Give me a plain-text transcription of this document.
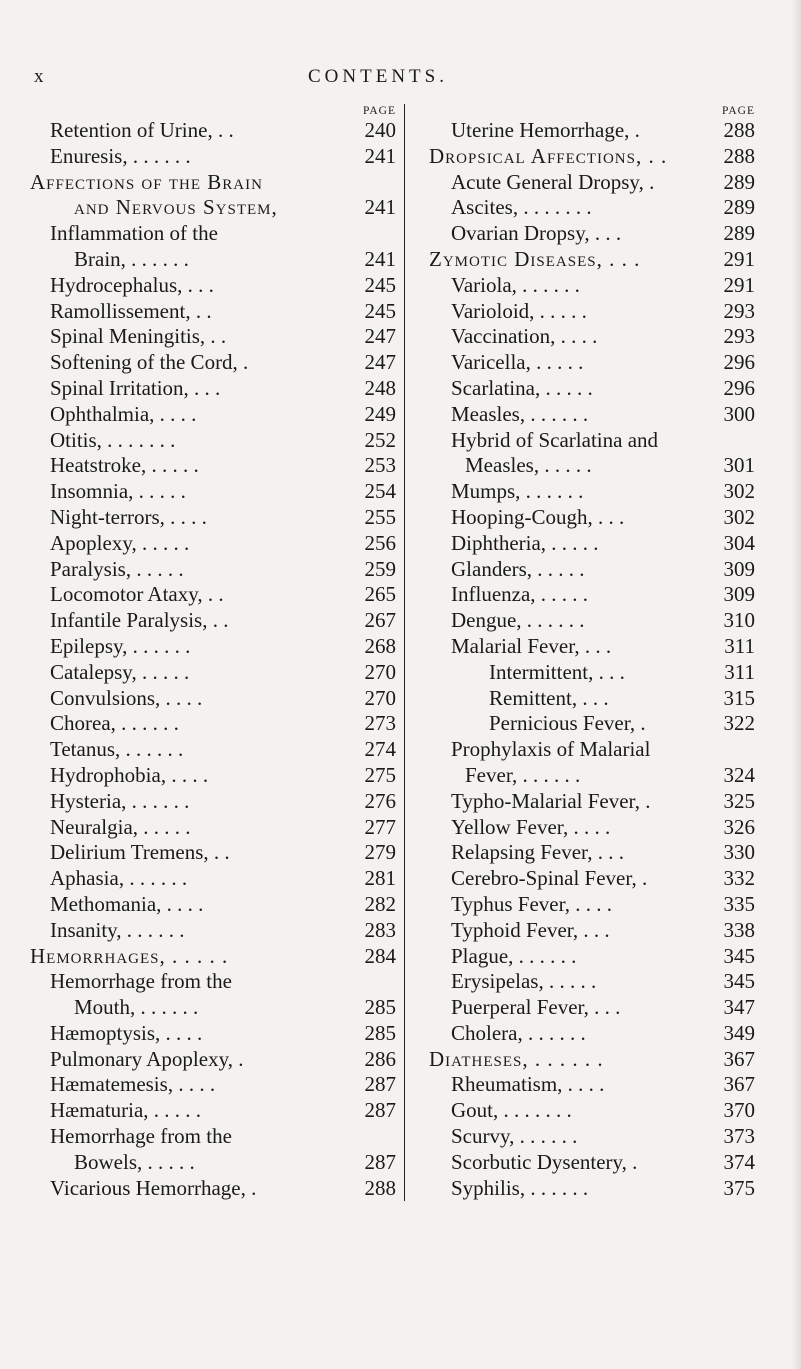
x	CONTENTS.
PAGE
Retention of Urine, . .	240
Enuresis, . . . . . .	241
Affections of the Brain
and Nervous System,	241
Inflammation of the
Brain, . . . . . .	241
Hydrocephalus, . . .	245
Ramollissement, . .	245
Spinal Meningitis, . .	247
Softening of the Cord, .	247
Spinal Irritation, . . .	248
Ophthalmia, . . . .	249
Otitis, . . . . . . .	252
Heatstroke, . . . . .	253
Insomnia, . . . . .	254
Night-terrors, . . . .	255
Apoplexy, . . . . .	256
Paralysis, . . . . .	259
Locomotor Ataxy, . .	265
Infantile Paralysis, . .	267
Epilepsy, . . . . . .	268
Catalepsy, . . . . .	270
Convulsions, . . . .	270
Chorea, . . . . . .	273
Tetanus, . . . . . .	274
Hydrophobia, . . . .	275
Hysteria, . . . . . .	276
Neuralgia, . . . . .	277
Delirium Tremens, . .	279
Aphasia, . . . . . .	281
Methomania, . . . .	282
Insanity, . . . . . .	283
Hemorrhages, . . . . .	284
Hemorrhage from the
Mouth, . . . . . .	285
Hæmoptysis, . . . .	285
Pulmonary Apoplexy, .	286
Hæmatemesis, . . . .	287
Hæmaturia, . . . . .	287
Hemorrhage from the
Bowels, . . . . .	287
Vicarious Hemorrhage, .	288
PAGE
Uterine Hemorrhage, .	288
Dropsical Affections, . .	288
Acute General Dropsy, .	289
Ascites, . . . . . . .	289
Ovarian Dropsy, . . .	289
Zymotic Diseases, . . .	291
Variola, . . . . . .	291
Varioloid, . . . . .	293
Vaccination, . . . .	293
Varicella, . . . . .	296
Scarlatina, . . . . .	296
Measles, . . . . . .	300
Hybrid of Scarlatina and
Measles, . . . . .	301
Mumps, . . . . . .	302
Hooping-Cough, . . .	302
Diphtheria, . . . . .	304
Glanders, . . . . .	309
Influenza, . . . . .	309
Dengue, . . . . . .	310
Malarial Fever, . . .	311
Intermittent, . . .	311
Remittent, . . .	315
Pernicious Fever, .	322
Prophylaxis of Malarial
Fever, . . . . . .	324
Typho-Malarial Fever, .	325
Yellow Fever, . . . .	326
Relapsing Fever, . . .	330
Cerebro-Spinal Fever, .	332
Typhus Fever, . . . .	335
Typhoid Fever, . . .	338
Plague, . . . . . .	345
Erysipelas, . . . . .	345
Puerperal Fever, . . .	347
Cholera, . . . . . .	349
Diatheses, . . . . . .	367
Rheumatism, . . . .	367
Gout, . . . . . . .	370
Scurvy, . . . . . .	373
Scorbutic Dysentery, .	374
Syphilis, . . . . . .	375
